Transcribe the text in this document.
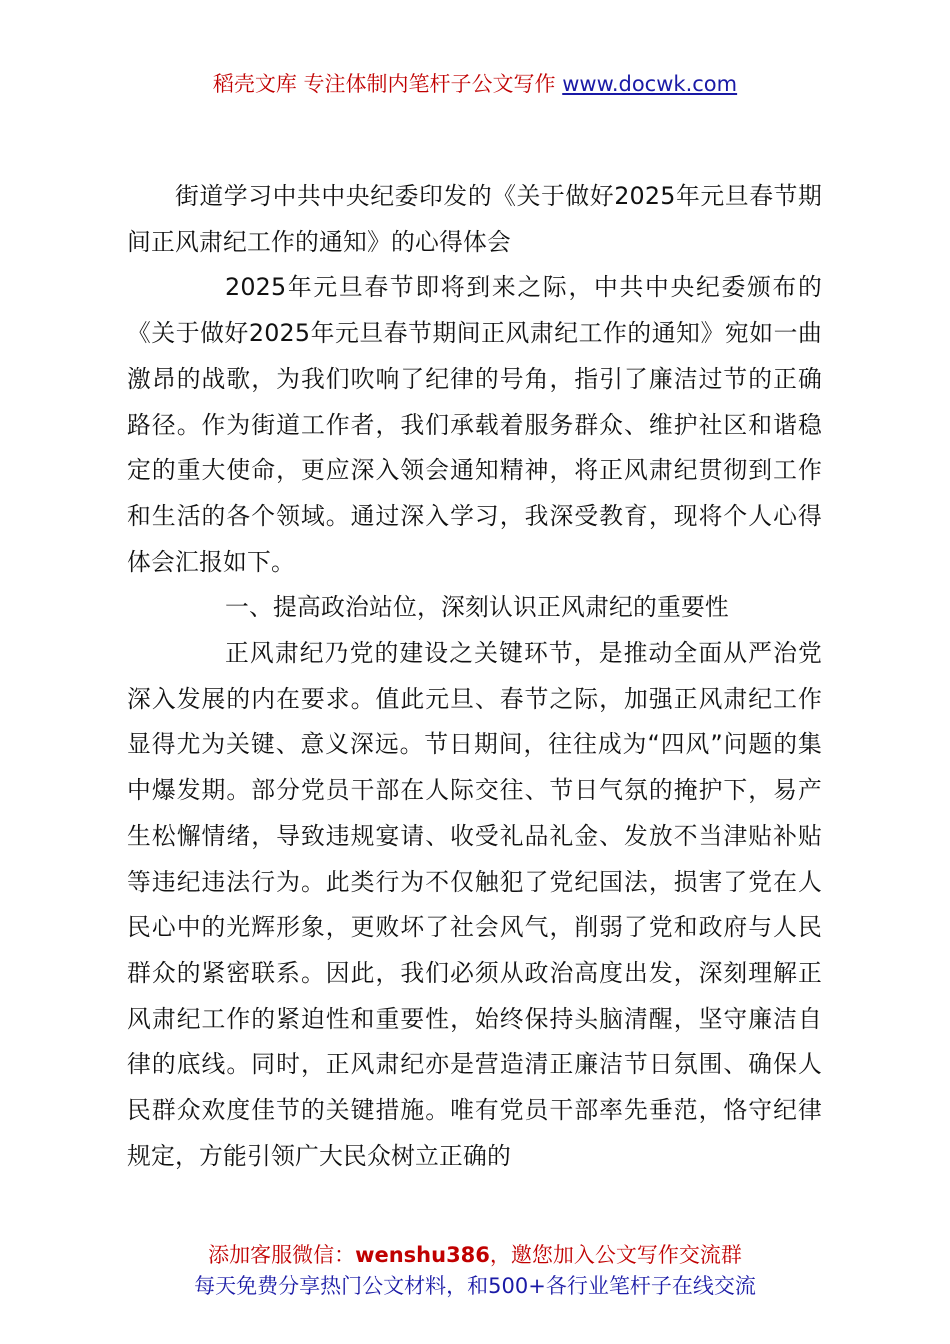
稻壳文库 专注体制内笔杆子公文写作 www.docwk.com

街道学习中共中央纪委印发的《关于做好2025年元旦春节期间正风肃纪工作的通知》的心得体会

2025年元旦春节即将到来之际，中共中央纪委颁布的《关于做好2025年元旦春节期间正风肃纪工作的通知》宛如一曲激昂的战歌，为我们吹响了纪律的号角，指引了廉洁过节的正确路径。作为街道工作者，我们承载着服务群众、维护社区和谐稳定的重大使命，更应深入领会通知精神，将正风肃纪贯彻到工作和生活的各个领域。通过深入学习，我深受教育，现将个人心得体会汇报如下。

一、提高政治站位，深刻认识正风肃纪的重要性

正风肃纪乃党的建设之关键环节，是推动全面从严治党深入发展的内在要求。值此元旦、春节之际，加强正风肃纪工作显得尤为关键、意义深远。节日期间，往往成为“四风”问题的集中爆发期。部分党员干部在人际交往、节日气氛的掩护下，易产生松懈情绪，导致违规宴请、收受礼品礼金、发放不当津贴补贴等违纪违法行为。此类行为不仅触犯了党纪国法，损害了党在人民心中的光辉形象，更败坏了社会风气，削弱了党和政府与人民群众的紧密联系。因此，我们必须从政治高度出发，深刻理解正风肃纪工作的紧迫性和重要性，始终保持头脑清醒，坚守廉洁自律的底线。同时，正风肃纪亦是营造清正廉洁节日氛围、确保人民群众欢度佳节的关键措施。唯有党员干部率先垂范，恪守纪律规定，方能引领广大民众树立正确的

添加客服微信：wenshu386，邀您加入公文写作交流群
每天免费分享热门公文材料，和500+各行业笔杆子在线交流
